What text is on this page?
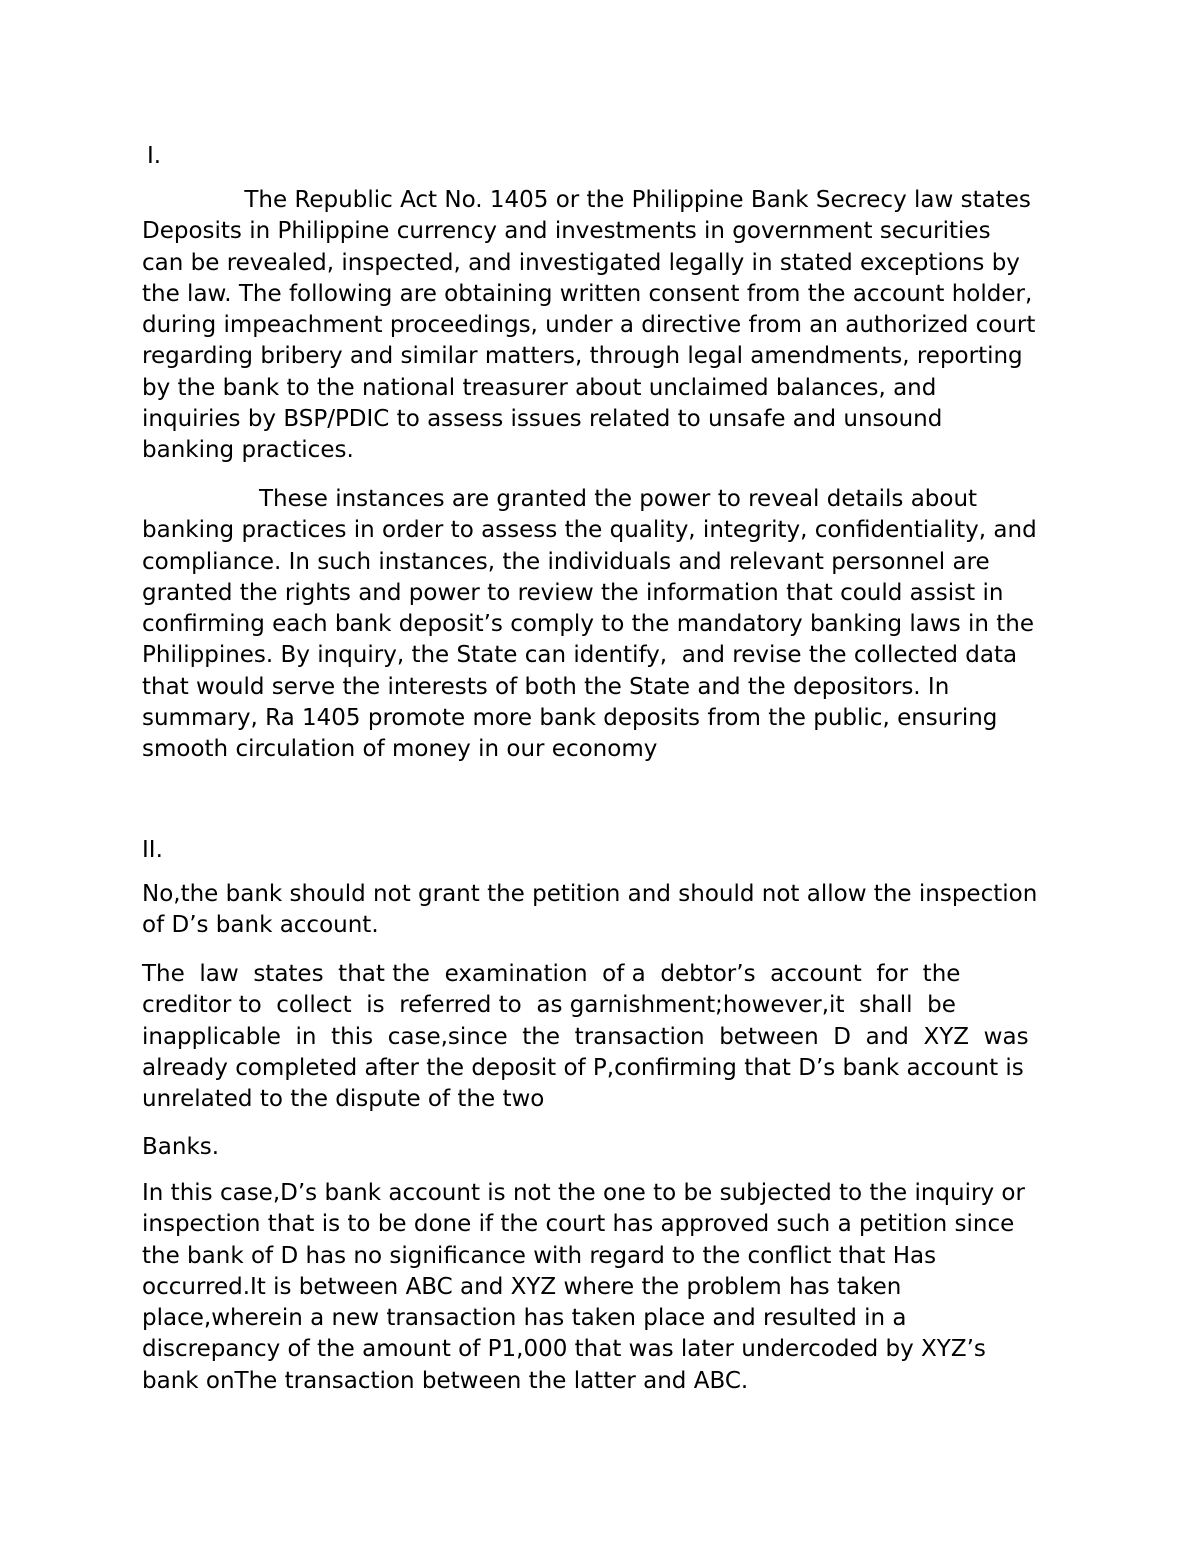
I.

	The Republic Act No. 1405 or the Philippine Bank Secrecy law states
Deposits in Philippine currency and investments in government securities
can be revealed, inspected, and investigated legally in stated exceptions by
the law. The following are obtaining written consent from the account holder,
during impeachment proceedings, under a directive from an authorized court
regarding bribery and similar matters, through legal amendments, reporting
by the bank to the national treasurer about unclaimed balances, and
inquiries by BSP/PDIC to assess issues related to unsafe and unsound
banking practices.

These instances are granted the power to reveal details about
banking practices in order to assess the quality, integrity, confidentiality, and
compliance. In such instances, the individuals and relevant personnel are
granted the rights and power to review the information that could assist in
confirming each bank deposit’s comply to the mandatory banking laws in the
Philippines. By inquiry, the State can identify,  and revise the collected data
that would serve the interests of both the State and the depositors. In
summary, Ra 1405 promote more bank deposits from the public, ensuring
smooth circulation of money in our economy

II.

No,the bank should not grant the petition and should not allow the inspection
of D’s bank account.

The  law  states  that the  examination  of a  debtor’s  account  for  the
creditor to  collect  is  referred to  as garnishment;however,it  shall  be
inapplicable  in  this  case,since  the  transaction  between  D  and  XYZ  was
already completed after the deposit of P,confirming that D’s bank account is
unrelated to the dispute of the two

Banks.

In this case,D’s bank account is not the one to be subjected to the inquiry or
inspection that is to be done if the court has approved such a petition since
the bank of D has no significance with regard to the conflict that Has
occurred.It is between ABC and XYZ where the problem has taken
place,wherein a new transaction has taken place and resulted in a
discrepancy of the amount of P1,000 that was later undercoded by XYZ’s
bank onThe transaction between the latter and ABC.
